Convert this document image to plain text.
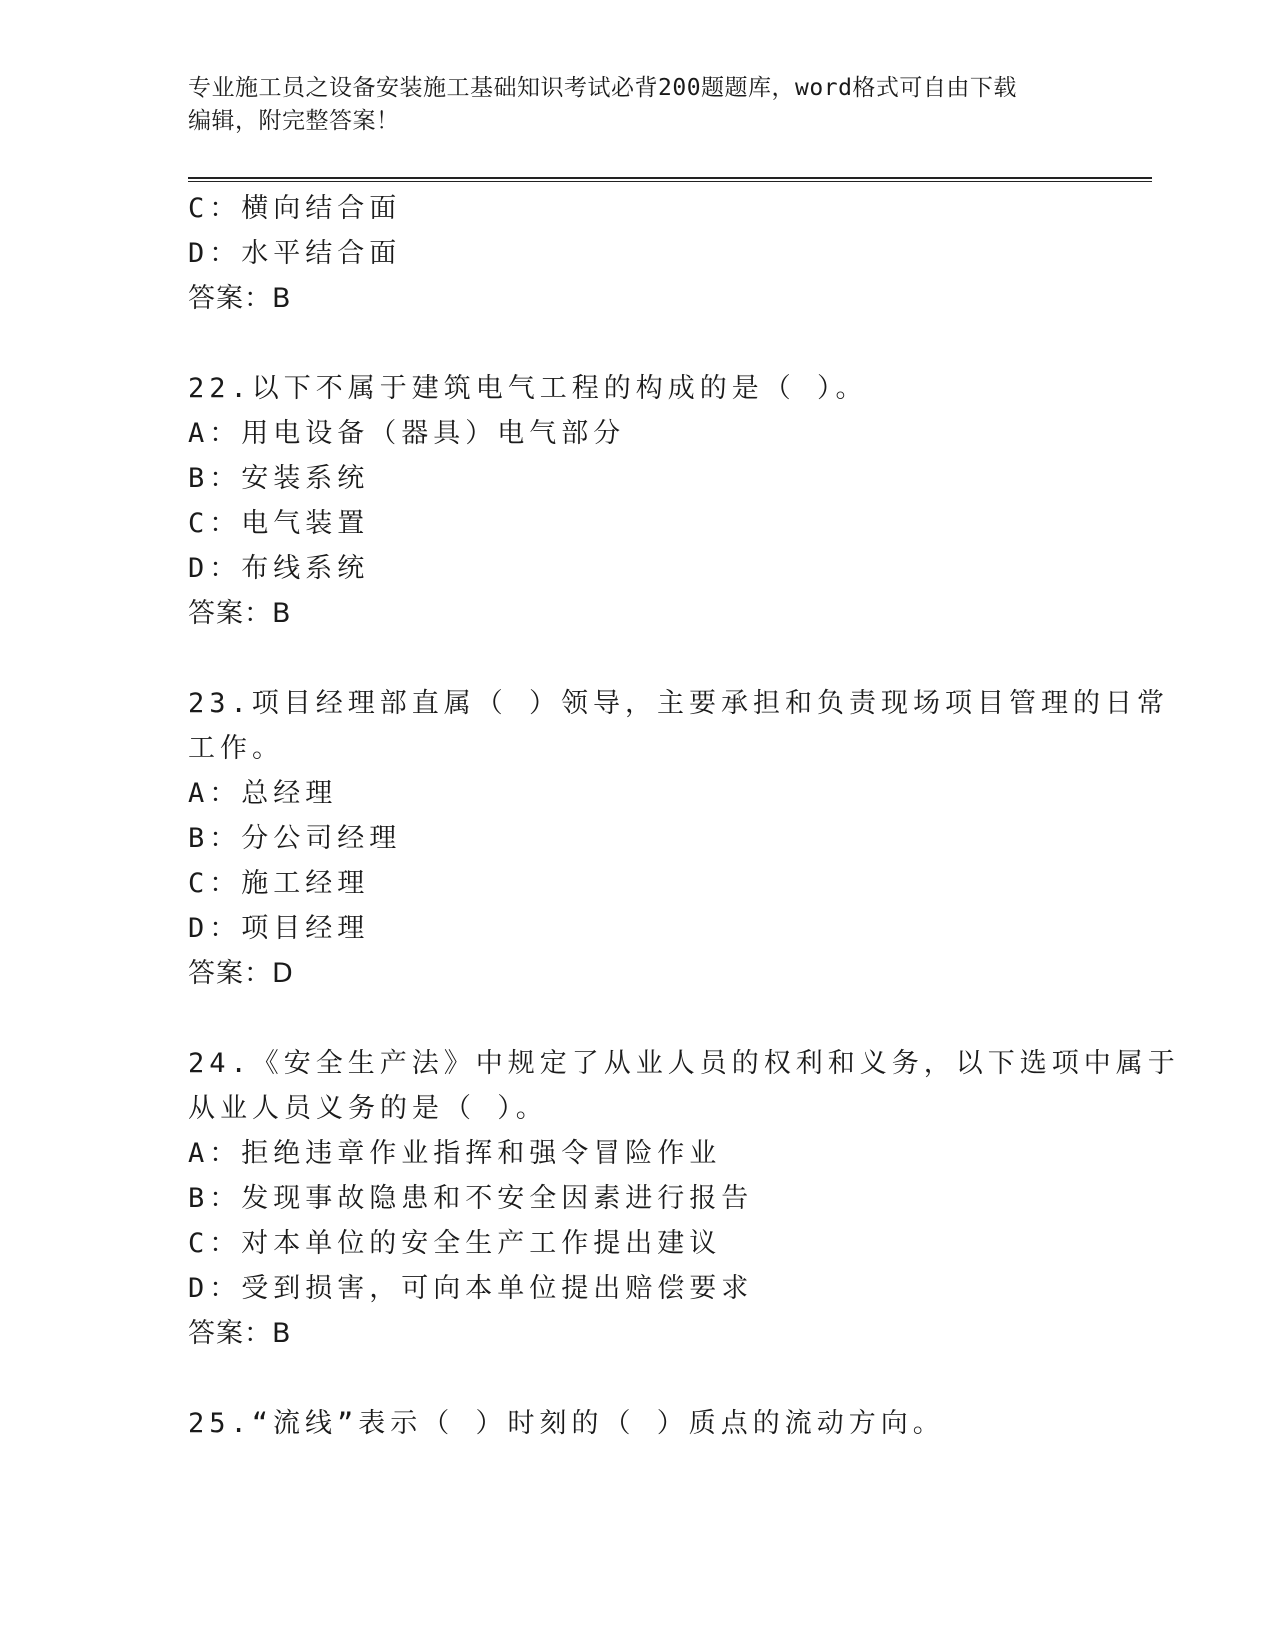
专业施工员之设备安装施工基础知识考试必背200题题库，word格式可自由下载
编辑，附完整答案！
C：横向结合面
D：水平结合面
答案：B
22.以下不属于建筑电气工程的构成的是（ ）。
A：用电设备（器具）电气部分
B：安装系统
C：电气装置
D：布线系统
答案：B
23.项目经理部直属（ ）领导，主要承担和负责现场项目管理的日常
工作。
A：总经理
B：分公司经理
C：施工经理
D：项目经理
答案：D
24.《安全生产法》中规定了从业人员的权利和义务，以下选项中属于
从业人员义务的是（ ）。
A：拒绝违章作业指挥和强令冒险作业
B：发现事故隐患和不安全因素进行报告
C：对本单位的安全生产工作提出建议
D：受到损害，可向本单位提出赔偿要求
答案：B
25.“流线”表示（ ）时刻的（ ）质点的流动方向。
